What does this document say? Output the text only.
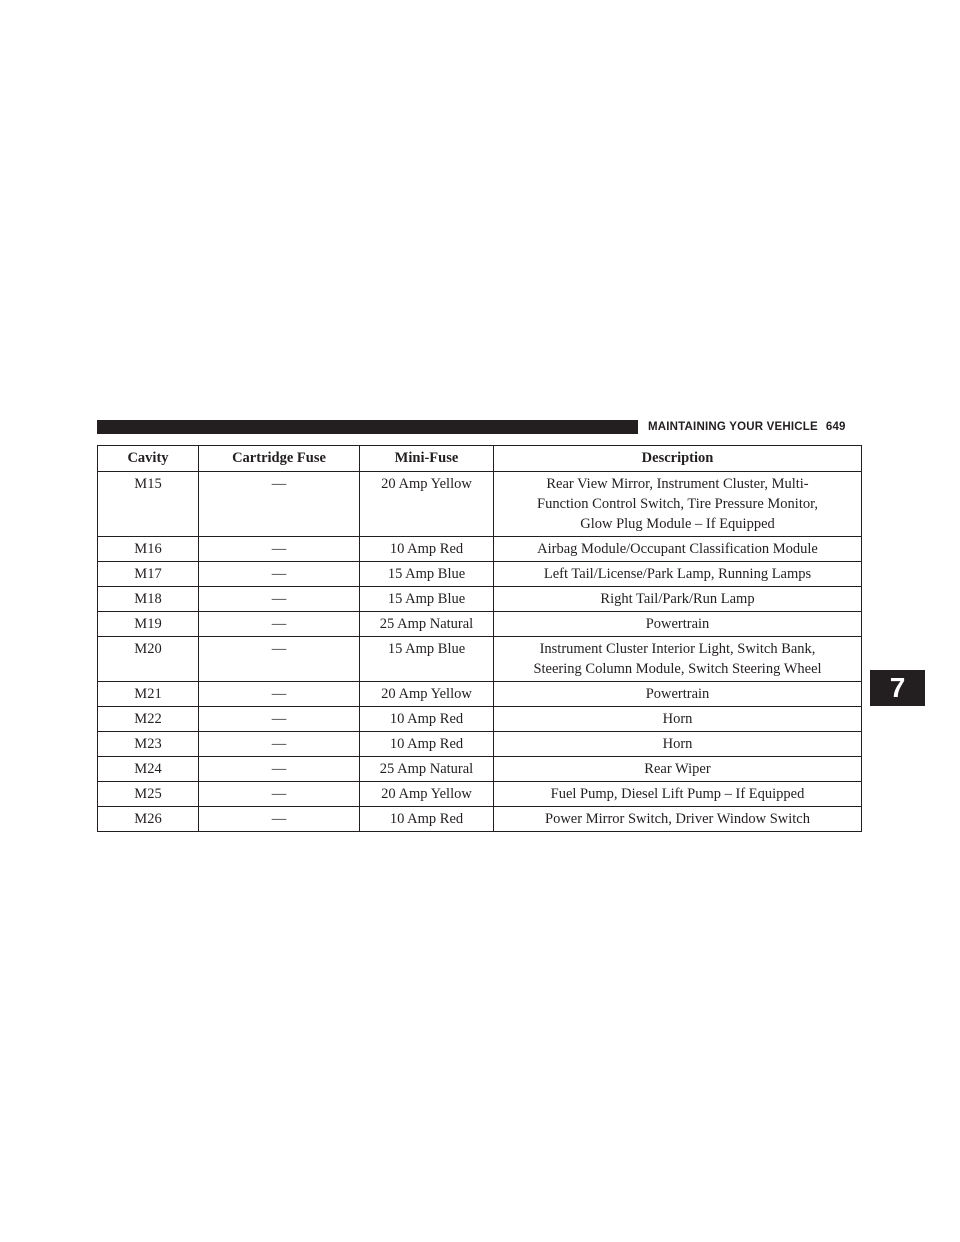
MAINTAINING YOUR VEHICLE 649
7
Cavity	Cartridge Fuse	Mini-Fuse	Description
M15	—	20 Amp Yellow	Rear View Mirror, Instrument Cluster, Multi-
Function Control Switch, Tire Pressure Monitor,
Glow Plug Module – If Equipped

M16	—	10 Amp Red	Airbag Module/Occupant Classification Module

M17	—	15 Amp Blue	Left Tail/License/Park Lamp, Running Lamps

M18	—	15 Amp Blue	Right Tail/Park/Run Lamp

M19	—	25 Amp Natural	Powertrain

M20	—	15 Amp Blue	Instrument Cluster Interior Light, Switch Bank,
Steering Column Module, Switch Steering Wheel

M21	—	20 Amp Yellow	Powertrain

M22	—	10 Amp Red	Horn

M23	—	10 Amp Red	Horn

M24	—	25 Amp Natural	Rear Wiper

M25	—	20 Amp Yellow	Fuel Pump, Diesel Lift Pump – If Equipped

M26	—	10 Amp Red	Power Mirror Switch, Driver Window Switch
